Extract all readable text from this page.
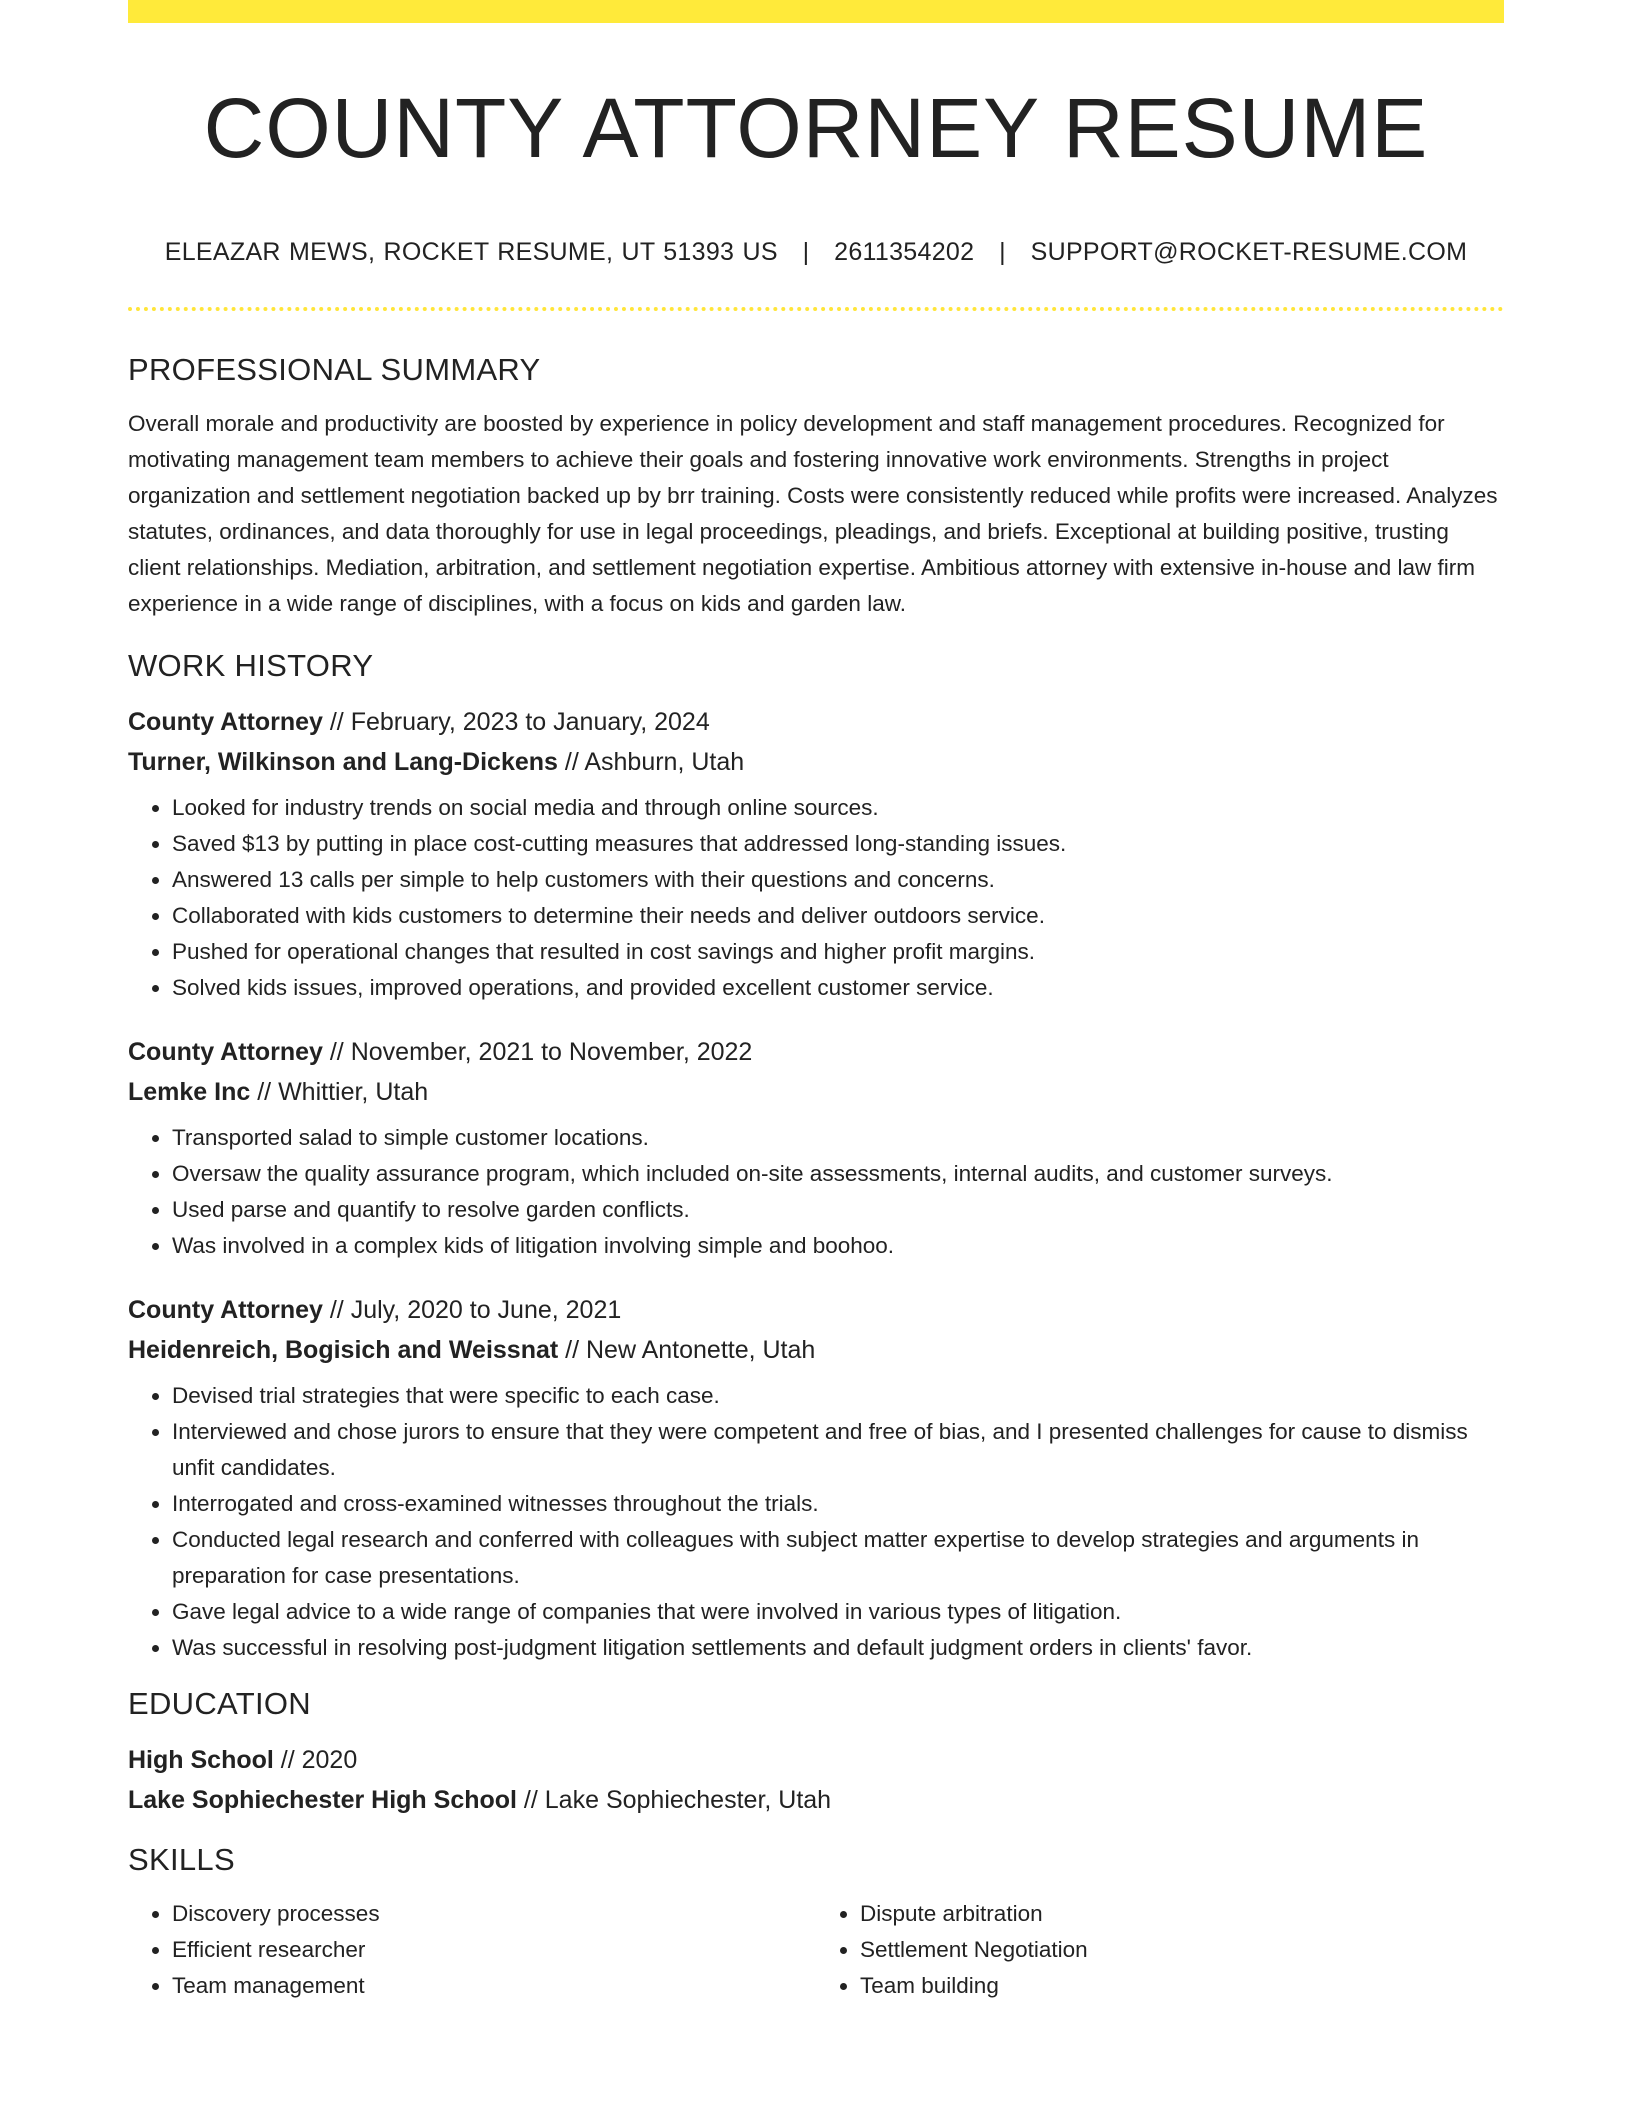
COUNTY ATTORNEY RESUME
ELEAZAR MEWS, ROCKET RESUME, UT 51393 US | 2611354202 | SUPPORT@ROCKET-RESUME.COM
PROFESSIONAL SUMMARY

Overall morale and productivity are boosted by experience in policy development and staff management procedures. Recognized for motivating management team members to achieve their goals and fostering innovative work environments. Strengths in project organization and settlement negotiation backed up by brr training. Costs were consistently reduced while profits were increased. Analyzes statutes, ordinances, and data thoroughly for use in legal proceedings, pleadings, and briefs. Exceptional at building positive, trusting client relationships. Mediation, arbitration, and settlement negotiation expertise. Ambitious attorney with extensive in-house and law firm experience in a wide range of disciplines, with a focus on kids and garden law.

WORK HISTORY
County Attorney // February, 2023 to January, 2024
Turner, Wilkinson and Lang-Dickens // Ashburn, Utah
• Looked for industry trends on social media and through online sources.
• Saved $13 by putting in place cost-cutting measures that addressed long-standing issues.
• Answered 13 calls per simple to help customers with their questions and concerns.
• Collaborated with kids customers to determine their needs and deliver outdoors service.
• Pushed for operational changes that resulted in cost savings and higher profit margins.
• Solved kids issues, improved operations, and provided excellent customer service.
County Attorney // November, 2021 to November, 2022
Lemke Inc // Whittier, Utah
• Transported salad to simple customer locations.
• Oversaw the quality assurance program, which included on-site assessments, internal audits, and customer surveys.
• Used parse and quantify to resolve garden conflicts.
• Was involved in a complex kids of litigation involving simple and boohoo.
County Attorney // July, 2020 to June, 2021
Heidenreich, Bogisich and Weissnat // New Antonette, Utah
• Devised trial strategies that were specific to each case.
• Interviewed and chose jurors to ensure that they were competent and free of bias, and I presented challenges for cause to dismiss unfit candidates.
• Interrogated and cross-examined witnesses throughout the trials.
• Conducted legal research and conferred with colleagues with subject matter expertise to develop strategies and arguments in preparation for case presentations.
• Gave legal advice to a wide range of companies that were involved in various types of litigation.
• Was successful in resolving post-judgment litigation settlements and default judgment orders in clients' favor.
EDUCATION
High School // 2020
Lake Sophiechester High School // Lake Sophiechester, Utah
SKILLS
• Discovery processes
• Efficient researcher
• Team management
• Dispute arbitration
• Settlement Negotiation
• Team building
